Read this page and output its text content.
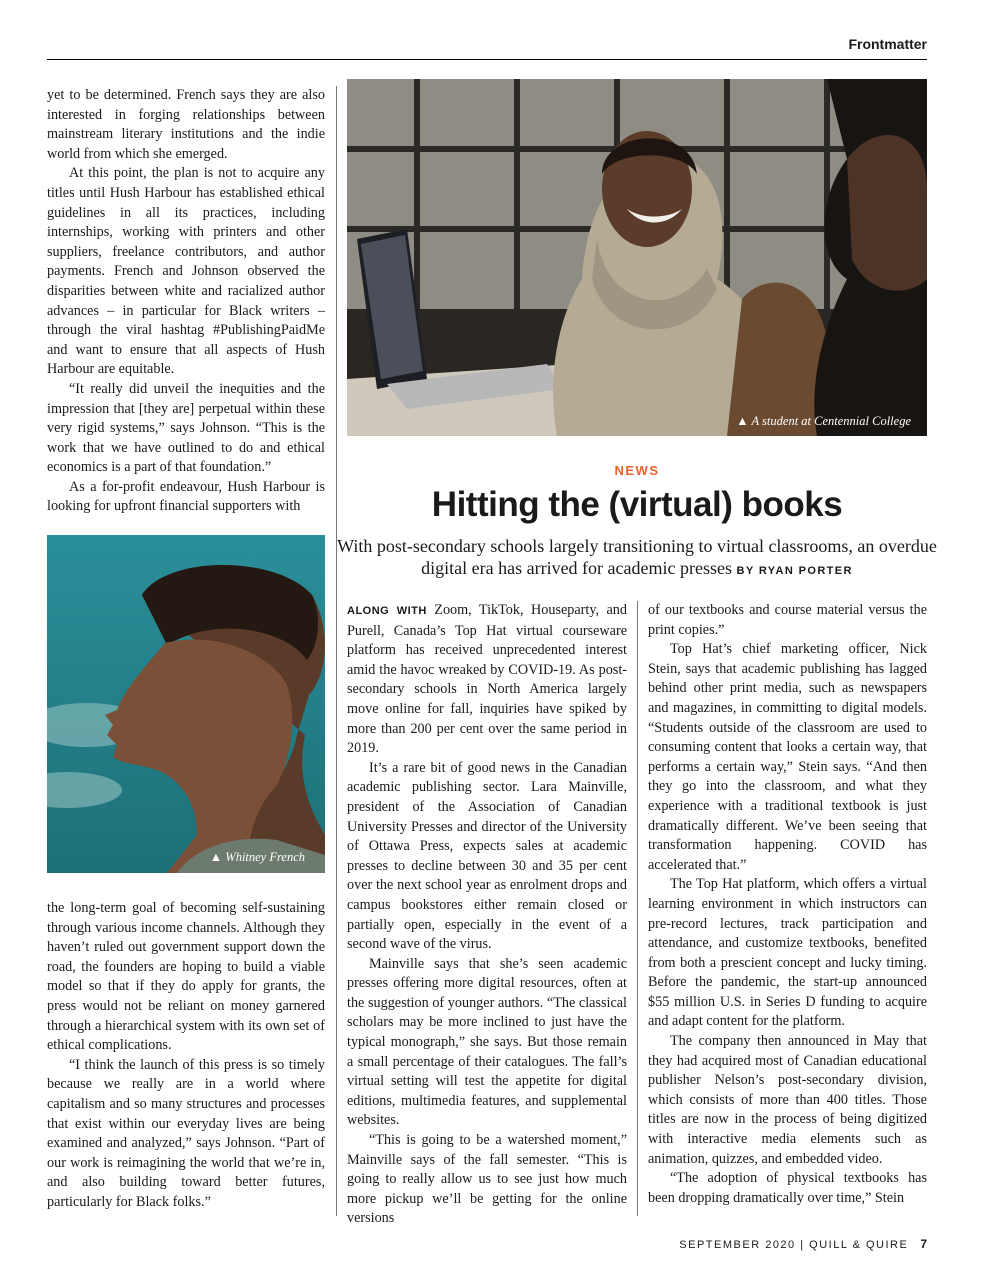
Frontmatter

yet to be determined. French says they are also interested in forging relationships between mainstream literary institutions and the indie world from which she emerged.

At this point, the plan is not to acquire any titles until Hush Harbour has established ethical guidelines in all its practices, including internships, working with printers and other suppliers, freelance contributors, and author payments. French and Johnson observed the disparities between white and racialized author advances – in particular for Black writers – through the viral hashtag #PublishingPaidMe and want to ensure that all aspects of Hush Harbour are equitable.

“It really did unveil the inequities and the impression that [they are] perpetual within these very rigid systems,” says Johnson. “This is the work that we have outlined to do and ethical economics is a part of that foundation.”

As a for-profit endeavour, Hush Harbour is looking for upfront financial supporters with

▲ Whitney French

the long-term goal of becoming self-sustaining through various income channels. Although they haven’t ruled out government support down the road, the founders are hoping to build a viable model so that if they do apply for grants, the press would not be reliant on money garnered through a hierarchical system with its own set of ethical complications.

“I think the launch of this press is so timely because we really are in a world where capitalism and so many structures and processes that exist within our everyday lives are being examined and analyzed,” says Johnson. “Part of our work is reimagining the world that we’re in, and also building toward better futures, particularly for Black folks.”

▲ A student at Centennial College
NEWS
Hitting the (virtual) books
With post-secondary schools largely transitioning to virtual classrooms, an overdue digital era has arrived for academic presses BY RYAN PORTER

ALONG WITH Zoom, TikTok, Houseparty, and Purell, Canada’s Top Hat virtual courseware platform has received unprecedented interest amid the havoc wreaked by COVID-19. As post-secondary schools in North America largely move online for fall, inquiries have spiked by more than 200 per cent over the same period in 2019.

It’s a rare bit of good news in the Canadian academic publishing sector. Lara Mainville, president of the Association of Canadian University Presses and director of the University of Ottawa Press, expects sales at academic presses to decline between 30 and 35 per cent over the next school year as enrolment drops and campus bookstores either remain closed or partially open, especially in the event of a second wave of the virus.

Mainville says that she’s seen academic presses offering more digital resources, often at the suggestion of younger authors. “The classical scholars may be more inclined to just have the typical monograph,” she says. But those remain a small percentage of their catalogues. The fall’s virtual setting will test the appetite for digital editions, multimedia features, and supplemental websites.

“This is going to be a watershed moment,” Mainville says of the fall semester. “This is going to really allow us to see just how much more pickup we’ll be getting for the online versions

of our textbooks and course material versus the print copies.”

Top Hat’s chief marketing officer, Nick Stein, says that academic publishing has lagged behind other print media, such as newspapers and magazines, in committing to digital models. “Students outside of the classroom are used to consuming content that looks a certain way, that performs a certain way,” Stein says. “And then they go into the classroom, and what they experience with a traditional textbook is just dramatically different. We’ve been seeing that transformation happening. COVID has accelerated that.”

The Top Hat platform, which offers a virtual learning environment in which instructors can pre-record lectures, track participation and attendance, and customize textbooks, benefited from both a prescient concept and lucky timing. Before the pandemic, the start-up announced $55 million U.S. in Series D funding to acquire and adapt content for the platform.

The company then announced in May that they had acquired most of Canadian educational publisher Nelson’s post-secondary division, which consists of more than 400 titles. Those titles are now in the process of being digitized with interactive media elements such as animation, quizzes, and embedded video.

“The adoption of physical textbooks has been dropping dramatically over time,” Stein

SEPTEMBER 2020 | QUILL & QUIRE 7
